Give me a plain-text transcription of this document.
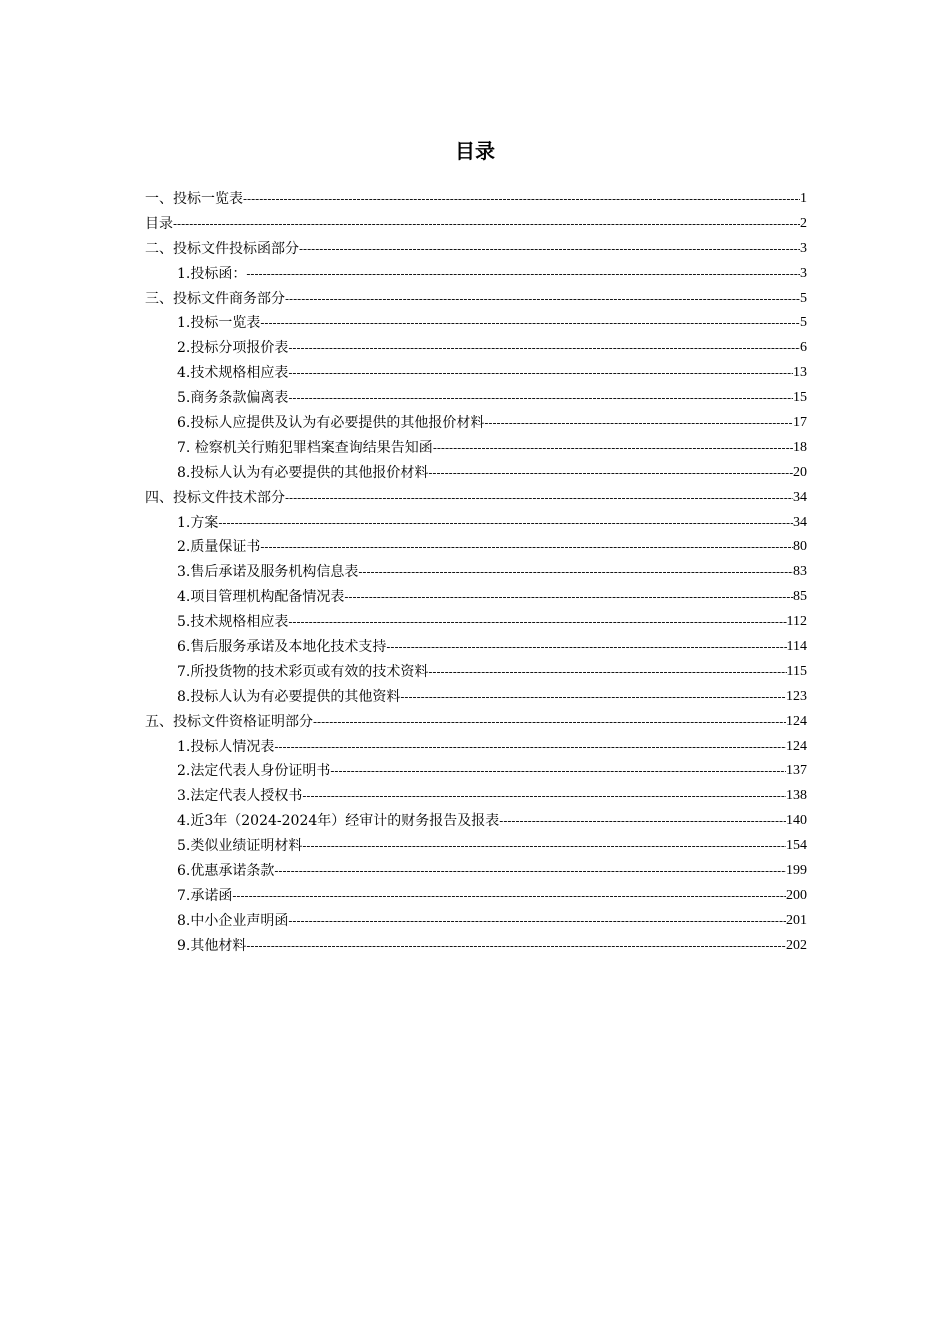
目录
一、投标一览表 -----	1
目录 -----	2
二、投标文件投标函部分 -----	3
1.投标函： -----	3
三、投标文件商务部分 -----	5
1.投标一览表 -----	5
2.投标分项报价表 -----	6
4.技术规格相应表 -----	13
5.商务条款偏离表 -----	15
6.投标人应提供及认为有必要提供的其他报价材料 -----	17
7. 检察机关行贿犯罪档案查询结果告知函 -----	18
8.投标人认为有必要提供的其他报价材料 -----	20
四、投标文件技术部分 -----	34
1.方案 -----	34
2.质量保证书 -----	80
3.售后承诺及服务机构信息表 -----	83
4.项目管理机构配备情况表 -----	85
5.技术规格相应表 -----	112
6.售后服务承诺及本地化技术支持 -----	114
7.所投货物的技术彩页或有效的技术资料 -----	115
8.投标人认为有必要提供的其他资料 -----	123
五、投标文件资格证明部分 -----	124
1.投标人情况表 -----	124
2.法定代表人身份证明书 -----	137
3.法定代表人授权书 -----	138
4.近3年（2024-2024年）经审计的财务报告及报表 -----	140
5.类似业绩证明材料 -----	154
6.优惠承诺条款 -----	199
7.承诺函 -----	200
8.中小企业声明函 -----	201
9.其他材料 -----	202
